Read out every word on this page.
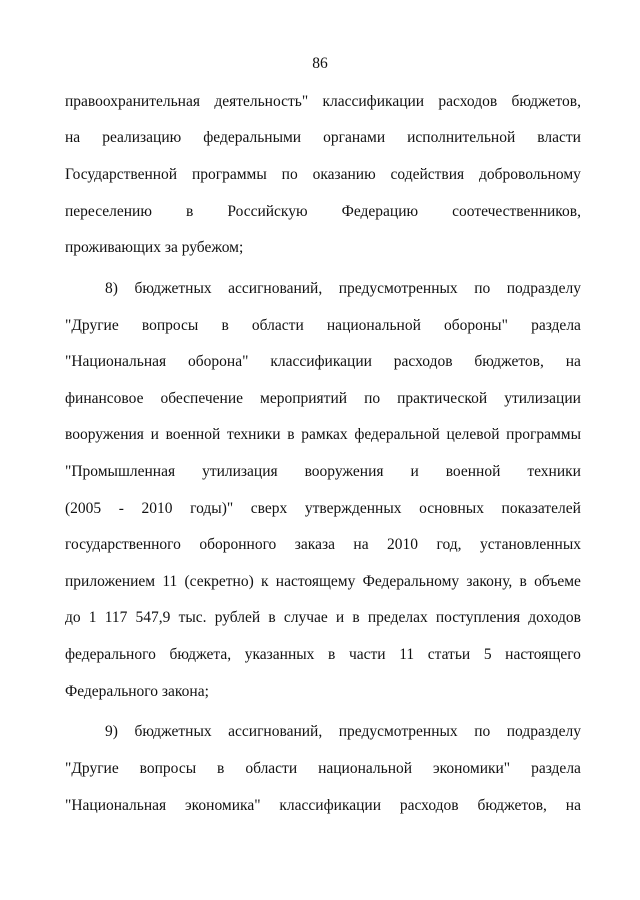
86
правоохранительная деятельность" классификации расходов бюджетов,
на реализацию федеральными органами исполнительной власти
Государственной программы по оказанию содействия добровольному
переселению в Российскую Федерацию соотечественников,
проживающих за рубежом;
8) бюджетных ассигнований, предусмотренных по подразделу
"Другие вопросы в области национальной обороны" раздела
"Национальная оборона" классификации расходов бюджетов, на
финансовое обеспечение мероприятий по практической утилизации
вооружения и военной техники в рамках федеральной целевой программы
"Промышленная утилизация вооружения и военной техники
(2005 - 2010 годы)" сверх утвержденных основных показателей
государственного оборонного заказа на 2010 год, установленных
приложением 11 (секретно) к настоящему Федеральному закону, в объеме
до 1 117 547,9 тыс. рублей в случае и в пределах поступления доходов
федерального бюджета, указанных в части 11 статьи 5 настоящего
Федерального закона;
9) бюджетных ассигнований, предусмотренных по подразделу
"Другие вопросы в области национальной экономики" раздела
"Национальная экономика" классификации расходов бюджетов, на
